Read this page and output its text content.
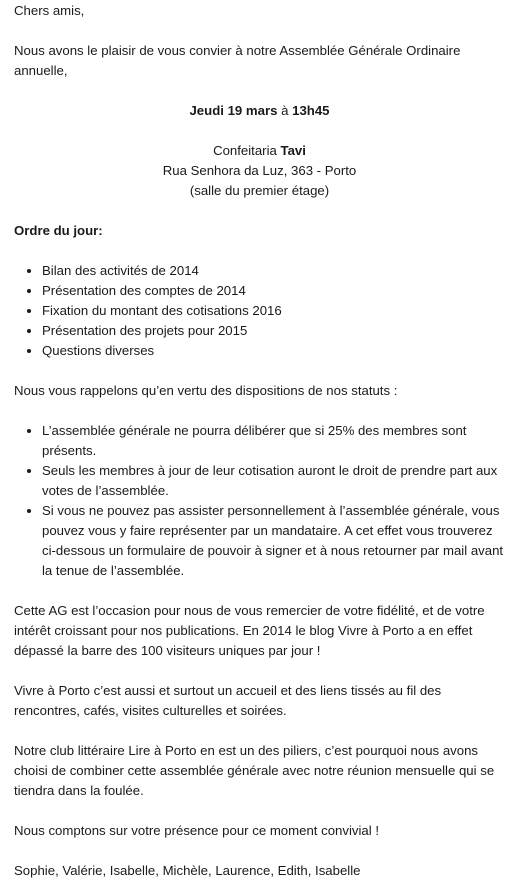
Chers amis,

Nous avons le plaisir de vous convier à notre Assemblée Générale Ordinaire annuelle,

Jeudi 19 mars à 13h45

Confeitaria Tavi

Rua Senhora da Luz, 363 - Porto

(salle du premier étage)

Ordre du jour:

• Bilan des activités de 2014
• Présentation des comptes de 2014
• Fixation du montant des cotisations 2016
• Présentation des projets pour 2015
• Questions diverses

Nous vous rappelons qu’en vertu des dispositions de nos statuts :

• L’assemblée générale ne pourra délibérer que si 25% des membres sont présents.
• Seuls les membres à jour de leur cotisation auront le droit de prendre part aux votes de l’assemblée.
• Si vous ne pouvez pas assister personnellement à l’assemblée générale, vous pouvez vous y faire représenter par un mandataire. A cet effet vous trouverez ci-dessous un formulaire de pouvoir à signer et à nous retourner par mail avant la tenue de l’assemblée.

Cette AG est l’occasion pour nous de vous remercier de votre fidélité, et de votre intérêt croissant pour nos publications. En 2014 le blog Vivre à Porto a en effet dépassé la barre des 100 visiteurs uniques par jour !

Vivre à Porto c’est aussi et surtout un accueil et des liens tissés au fil des rencontres, cafés, visites culturelles et soirées.

Notre club littéraire Lire à Porto en est un des piliers, c’est pourquoi nous avons choisi de combiner cette assemblée générale avec notre réunion mensuelle qui se tiendra dans la foulée.

Nous comptons sur votre présence pour ce moment convivial !

Sophie, Valérie, Isabelle, Michèle, Laurence, Edith, Isabelle
